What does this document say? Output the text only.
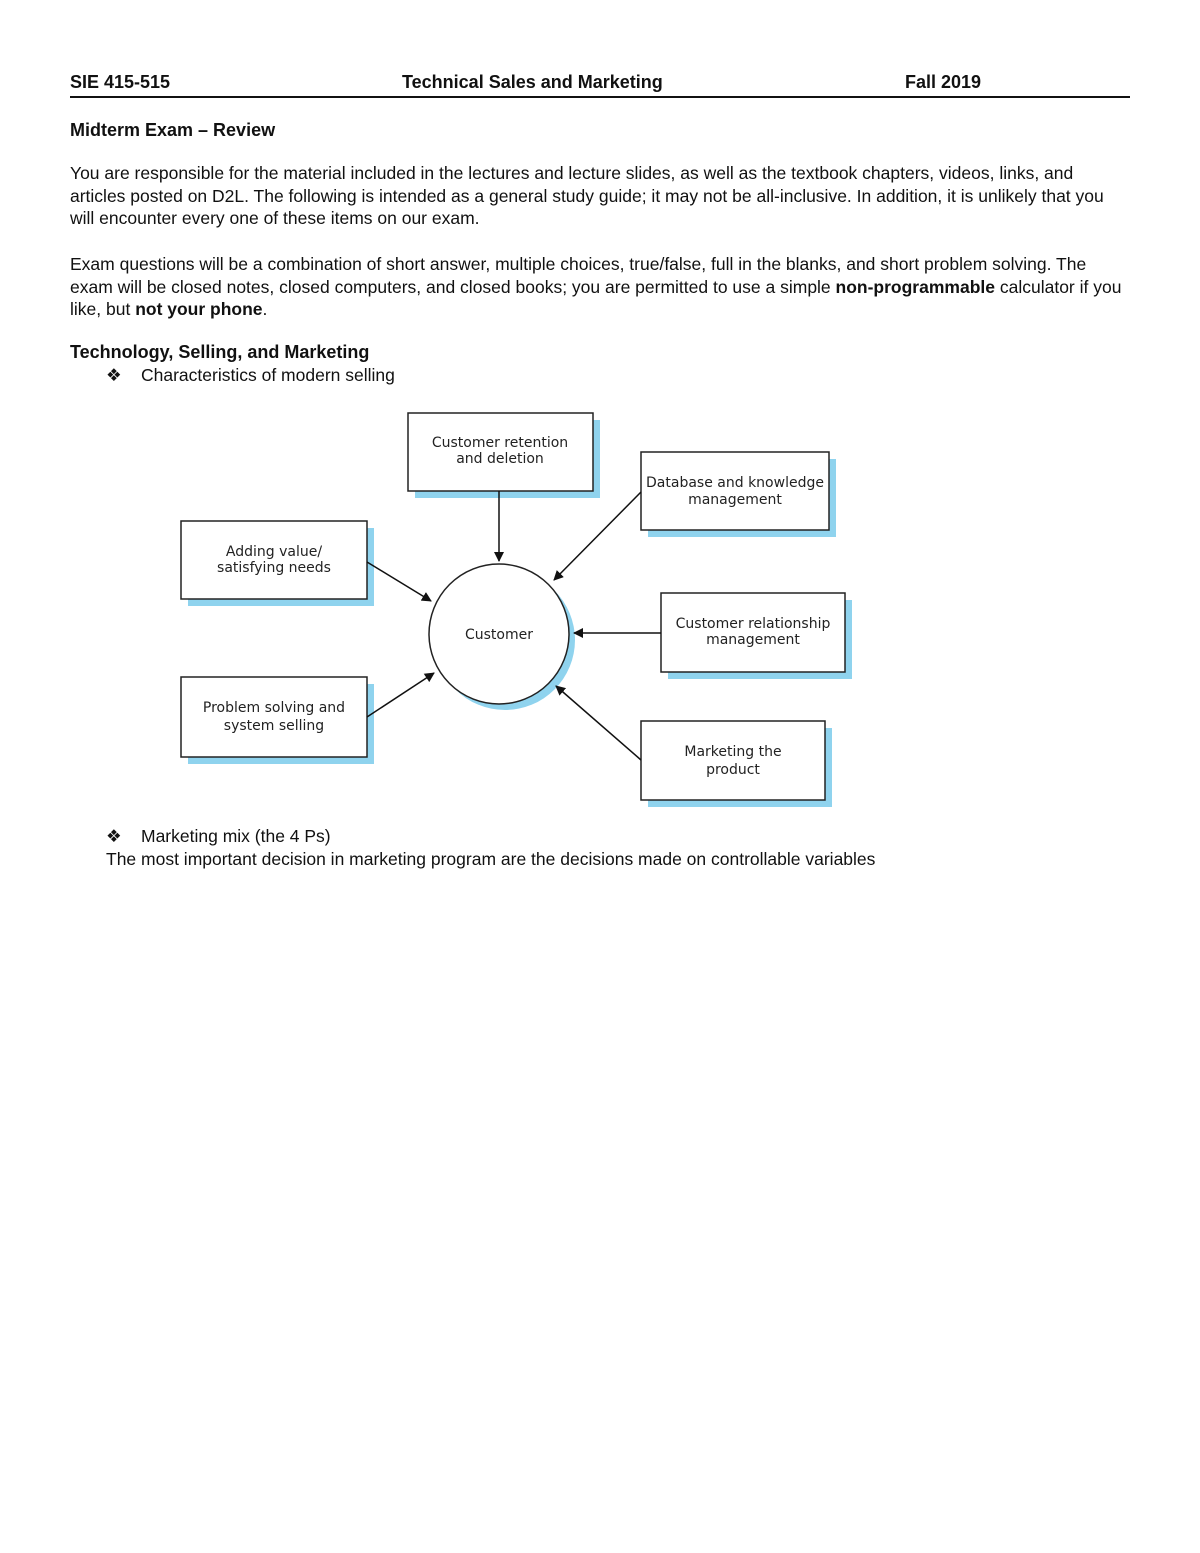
SIE 415-515	Technical Sales and Marketing	Fall 2019
Midterm Exam – Review
You are responsible for the material included in the lectures and lecture slides, as well as the textbook chapters, videos, links, and articles posted on D2L. The following is intended as a general study guide; it may not be all-inclusive. In addition, it is unlikely that you will encounter every one of these items on our exam.
Exam questions will be a combination of short answer, multiple choices, true/false, full in the blanks, and short problem solving. The exam will be closed notes, closed computers, and closed books; you are permitted to use a simple non-programmable calculator if you like, but not your phone.
Technology, Selling, and Marketing
❖ Characteristics of modern selling
Customer
Customer retention
and deletion
Database and knowledge
management
Adding value/
satisfying needs
Customer relationship
management
Problem solving and
system selling
Marketing the
product
❖ Marketing mix (the 4 Ps)
The most important decision in marketing program are the decisions made on controllable variables
